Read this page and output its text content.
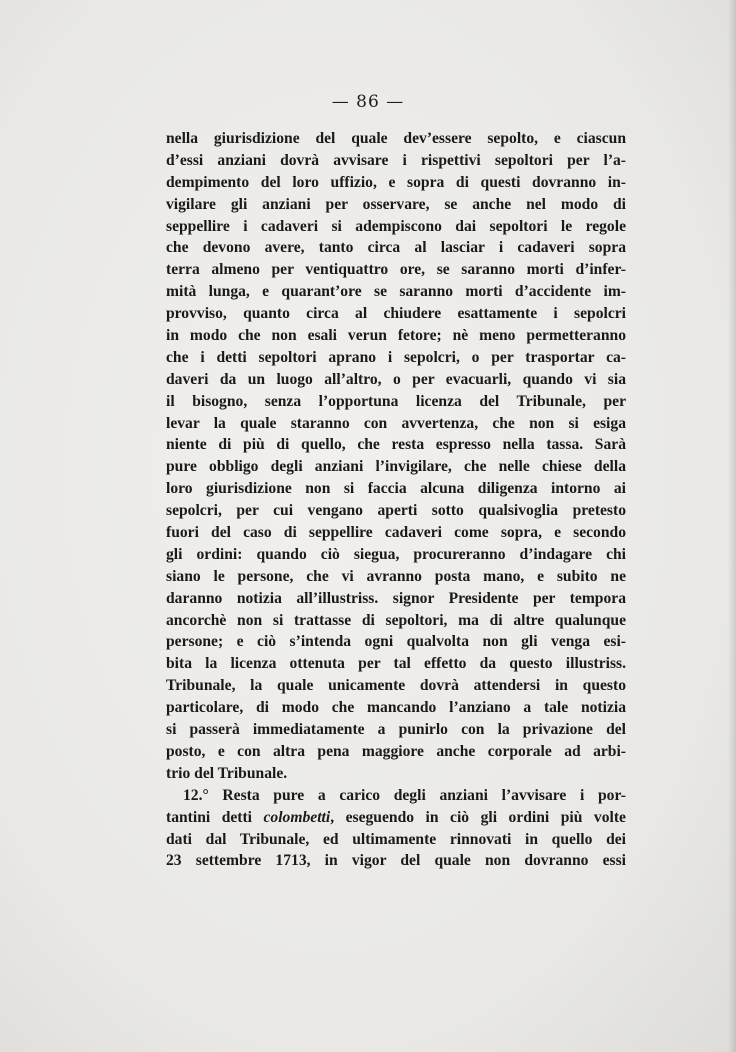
— 86 —
nella giurisdizione del quale dev’essere sepolto, e ciascun
d’essi anziani dovrà avvisare i rispettivi sepoltori per l’a-
dempimento del loro uffizio, e sopra di questi dovranno in-
vigilare gli anziani per osservare, se anche nel modo di
seppellire i cadaveri si adempiscono dai sepoltori le regole
che devono avere, tanto circa al lasciar i cadaveri sopra
terra almeno per ventiquattro ore, se saranno morti d’infer-
mità lunga, e quarant’ore se saranno morti d’accidente im-
provviso, quanto circa al chiudere esattamente i sepolcri
in modo che non esali verun fetore; nè meno permetteranno
che i detti sepoltori aprano i sepolcri, o per trasportar ca-
daveri da un luogo all’altro, o per evacuarli, quando vi sia
il bisogno, senza l’opportuna licenza del Tribunale, per
levar la quale staranno con avvertenza, che non si esiga
niente di più di quello, che resta espresso nella tassa. Sarà
pure obbligo degli anziani l’invigilare, che nelle chiese della
loro giurisdizione non si faccia alcuna diligenza intorno ai
sepolcri, per cui vengano aperti sotto qualsivoglia pretesto
fuori del caso di seppellire cadaveri come sopra, e secondo
gli ordini: quando ciò siegua, procureranno d’indagare chi
siano le persone, che vi avranno posta mano, e subito ne
daranno notizia all’illustriss. signor Presidente per tempora
ancorchè non si trattasse di sepoltori, ma di altre qualunque
persone; e ciò s’intenda ogni qualvolta non gli venga esi-
bita la licenza ottenuta per tal effetto da questo illustriss.
Tribunale, la quale unicamente dovrà attendersi in questo
particolare, di modo che mancando l’anziano a tale notizia
si passerà immediatamente a punirlo con la privazione del
posto, e con altra pena maggiore anche corporale ad arbi-
trio del Tribunale.
12.° Resta pure a carico degli anziani l’avvisare i por-
tantini detti colombetti, eseguendo in ciò gli ordini più volte
dati dal Tribunale, ed ultimamente rinnovati in quello dei
23 settembre 1713, in vigor del quale non dovranno essi
